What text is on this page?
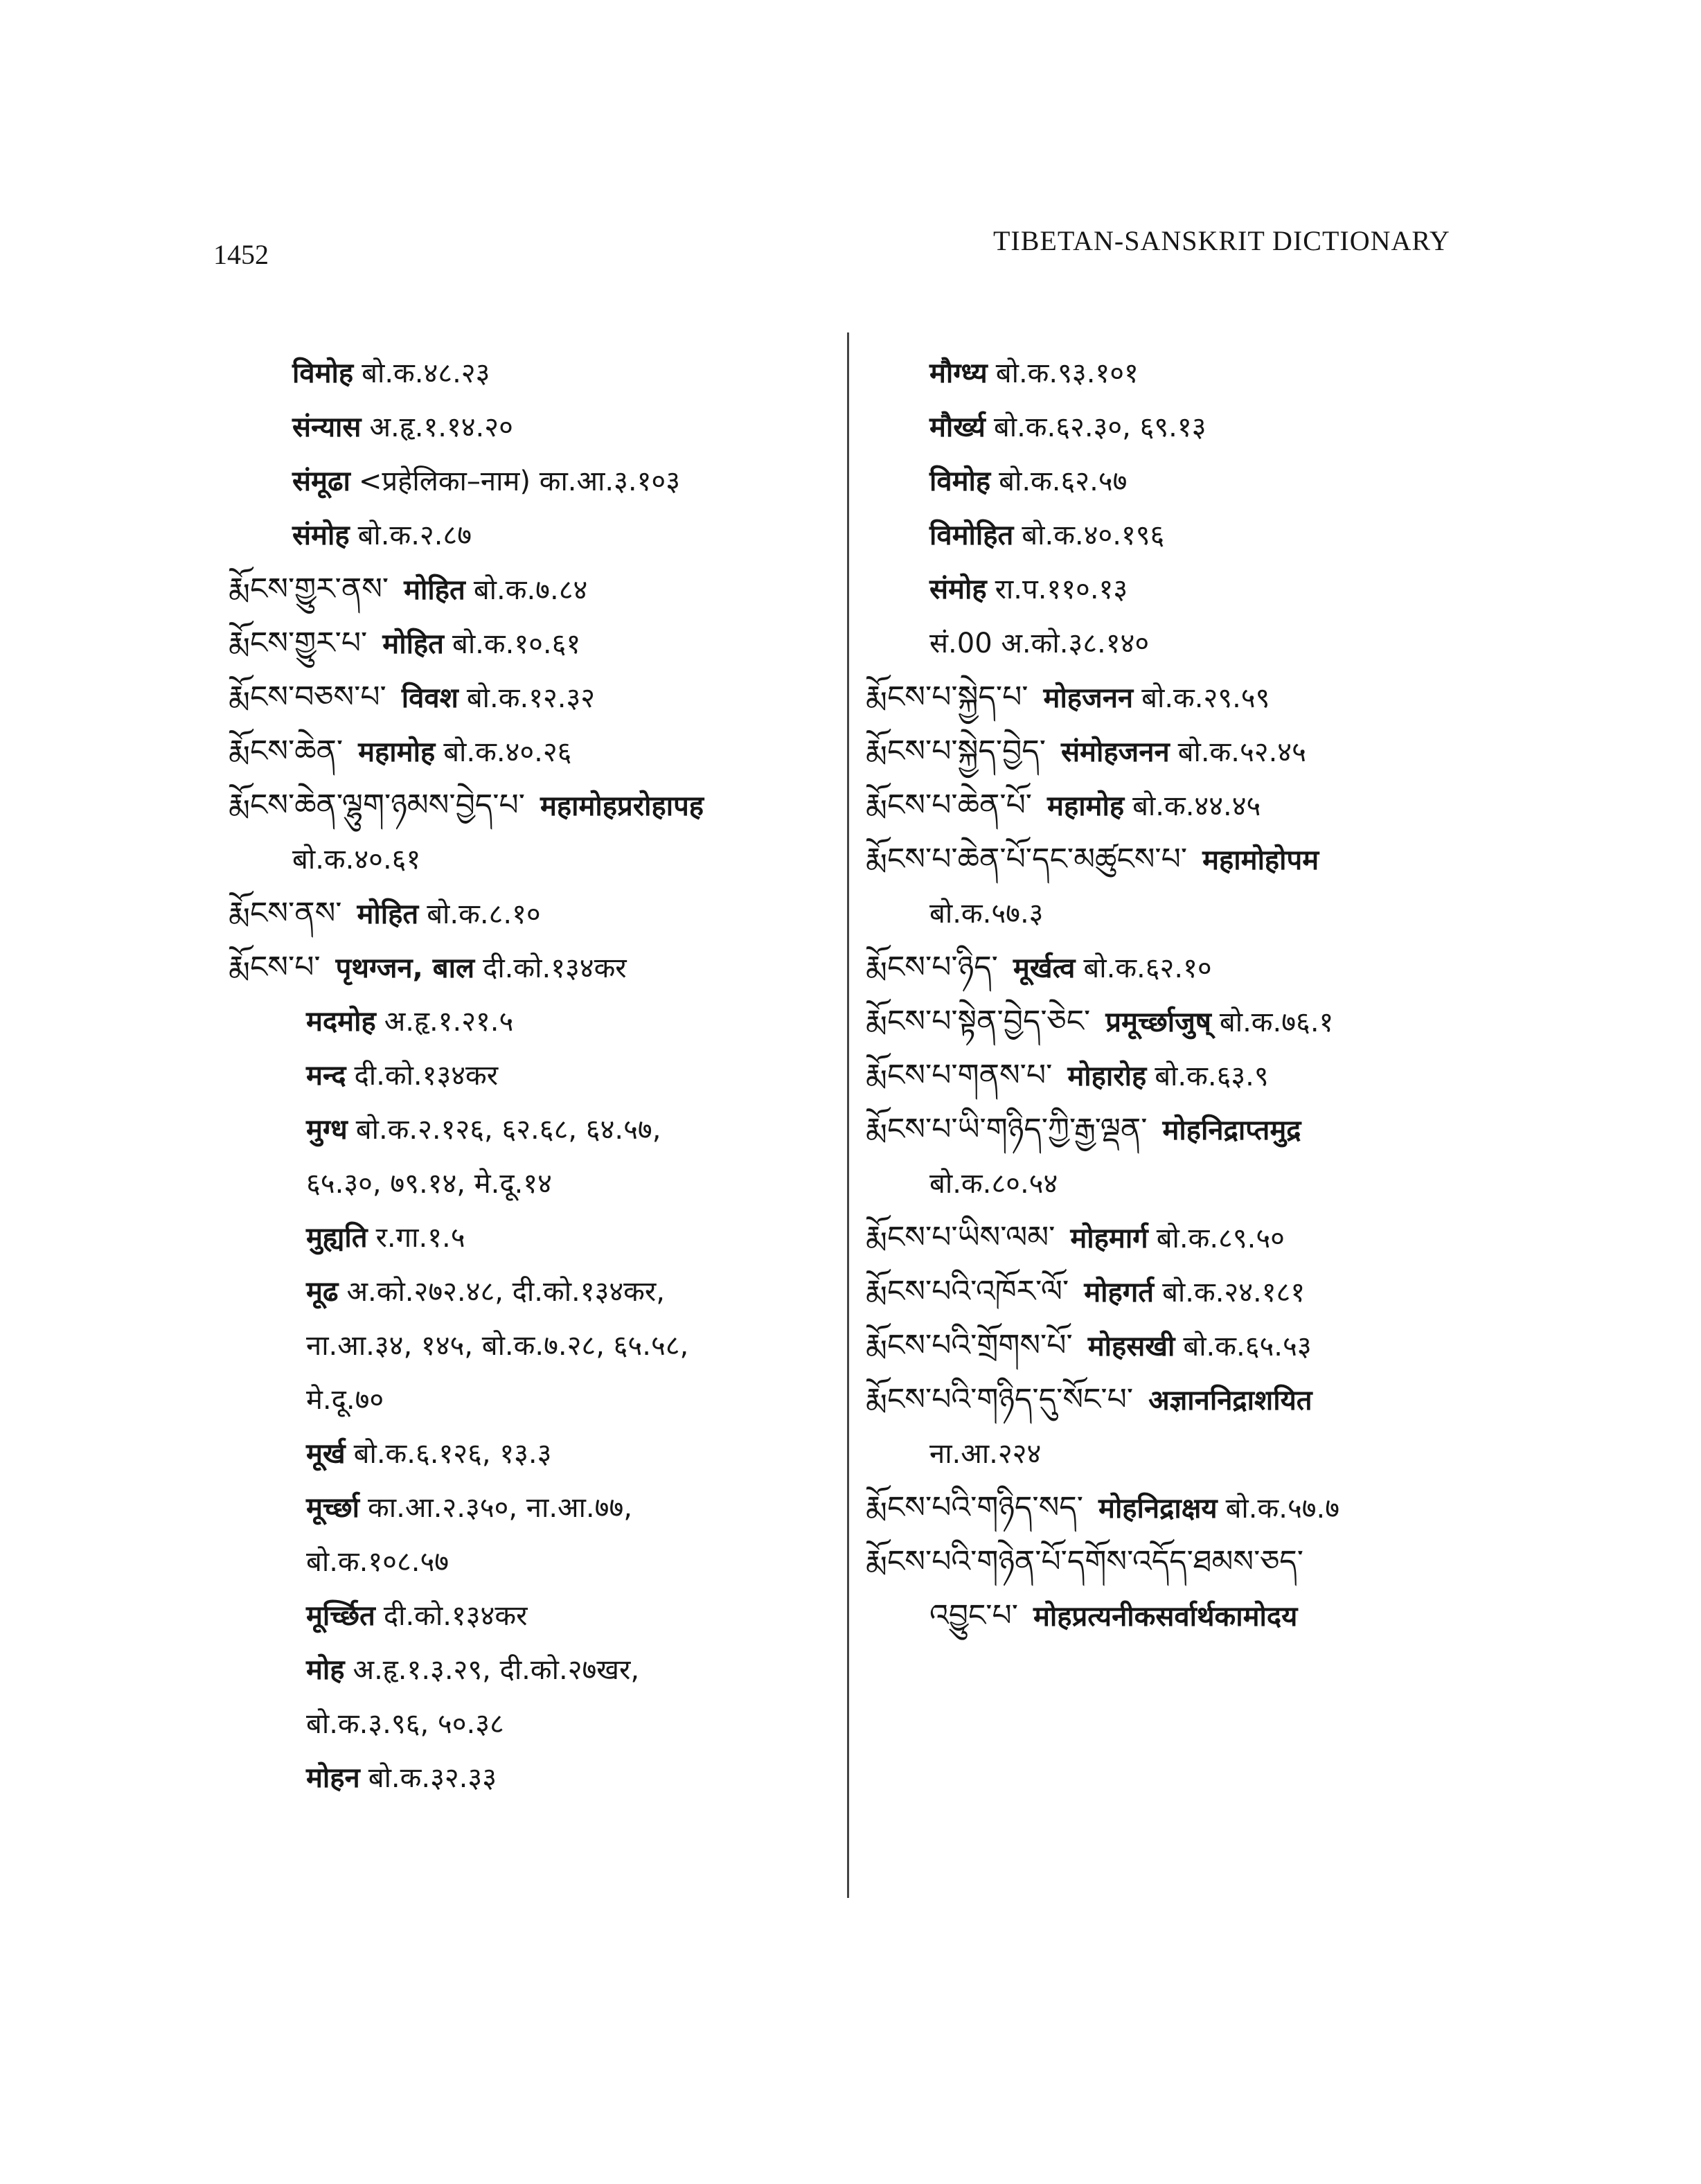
1452	TIBETAN-SANSKRIT DICTIONARY
विमोह बो.क.४८.२३
संन्यास अ.हृ.१.१४.२०
संमूढा <प्रहेलिका–नाम) का.आ.३.१०३
संमोह बो.क.२.८७
རྨོངས་གྱུར་ནས་ मोहित बो.क.७.८४
རྨོངས་གྱུར་པ་ मोहित बो.क.१०.६१
རྨོངས་བཅས་པ་ विवश बो.क.१२.३२
རྨོངས་ཆེན་ महामोह बो.क.४०.२६
རྨོངས་ཆེན་ལྷུག་ཉམས་བྱེད་པ་ महामोहप्ररोहापह
बो.क.४०.६१
རྨོངས་ནས་ मोहित बो.क.८.१०
རྨོངས་པ་ पृथग्जन, बाल दी.को.१३४कर
मदमोह अ.हृ.१.२१.५
मन्द दी.को.१३४कर
मुग्ध बो.क.२.१२६, ६२.६८, ६४.५७,
६५.३०, ७९.१४, मे.दू.१४
मुह्यति र.गा.१.५
मूढ अ.को.२७२.४८, दी.को.१३४कर,
ना.आ.३४, १४५, बो.क.७.२८, ६५.५८,
मे.दू.७०
मूर्ख बो.क.६.१२६, १३.३
मूर्च्छा का.आ.२.३५०, ना.आ.७७,
बो.क.१०८.५७
मूर्च्छित दी.को.१३४कर
मोह अ.हृ.१.३.२९, दी.को.२७खर,
बो.क.३.९६, ५०.३८
मोहन बो.क.३२.३३
मौग्ध्य बो.क.९३.१०१
मौर्ख्य बो.क.६२.३०, ६९.१३
विमोह बो.क.६२.५७
विमोहित बो.क.४०.१९६
संमोह रा.प.११०.१३
सं.00 अ.को.३८.१४०
རྨོངས་པ་སྐྱེད་པ་ मोहजनन बो.क.२९.५९
རྨོངས་པ་སྐྱེད་བྱེད་ संमोहजनन बो.क.५२.४५
རྨོངས་པ་ཆེན་པོ་ महामोह बो.क.४४.४५
རྨོངས་པ་ཆེན་པོ་དང་མཚུངས་པ་ महामोहोपम
बो.क.५७.३
རྨོངས་པ་ཉིད་ मूर्खत्व बो.क.६२.१०
རྨོངས་པ་སྟེན་བྱེད་ཅེང་ प्रमूर्च्छाजुष् बो.क.७६.१
རྨོངས་པ་གནས་པ་ मोहारोह बो.क.६३.९
རྨོངས་པ་ཡི་གཉིད་ཀྱི་རྒྱ་ལྡན་ मोहनिद्राप्तमुद्र
बो.क.८०.५४
རྨོངས་པ་ཡིས་ལམ་ मोहमार्ग बो.क.८९.५०
རྨོངས་པའི་འཁོར་ལོ་ मोहगर्त बो.क.२४.१८१
རྨོངས་པའི་གྲོགས་པོ་ मोहसखी बो.क.६५.५३
རྨོངས་པའི་གཉིད་དུ་སོང་པ་ अज्ञाननिद्राशयित
ना.आ.२२४
རྨོངས་པའི་གཉིད་སད་ मोहनिद्राक्षय बो.क.५७.७
རྨོངས་པའི་གཉེན་པོ་དགོས་འདོད་ཐམས་ཅད་
འབྱུང་པ་ मोहप्रत्यनीकसर्वार्थकामोदय
